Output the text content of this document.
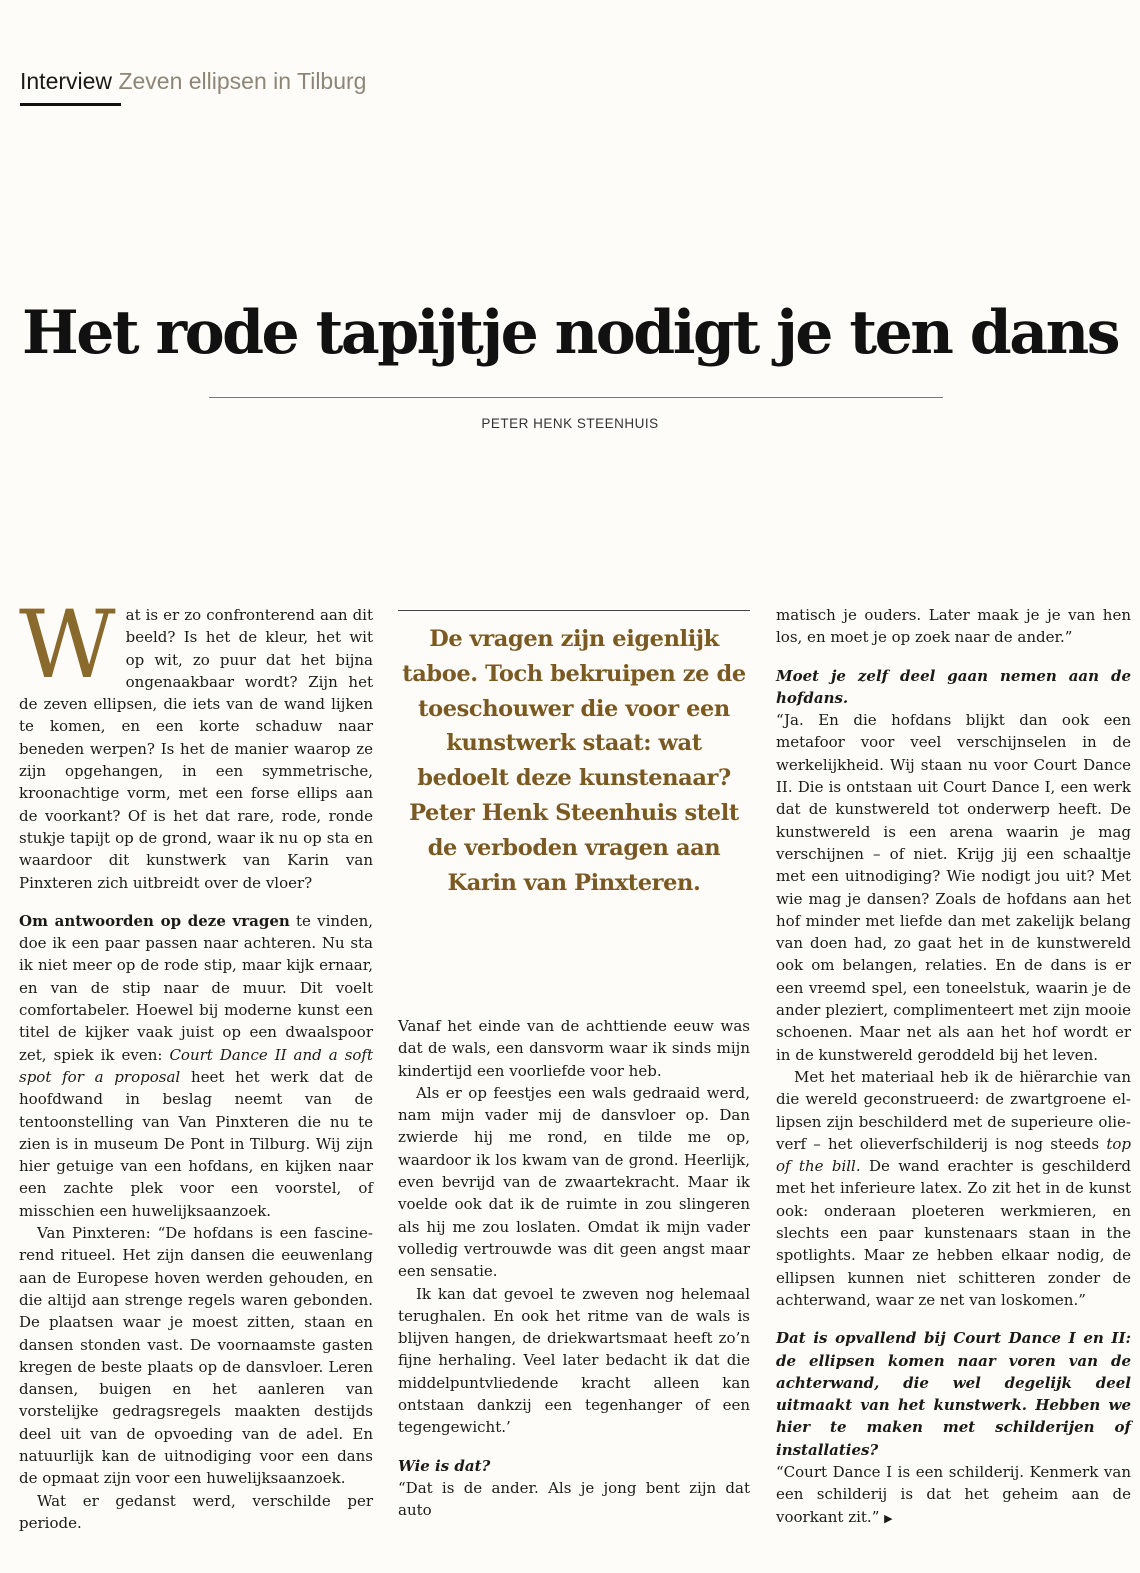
Interview Zeven ellipsen in Tilburg
Het rode tapijtje nodigt je ten dans
PETER HENK STEENHUIS
W at is er zo confronterend aan dit beeld? Is het de kleur, het wit op wit, zo puur dat het bijna ongenaakbaar wordt? Zijn het de zeven ellipsen, die iets van de wand lijken te komen, en een korte schaduw naar beneden werpen? Is het de manier waarop ze zijn opgehangen, in een symmetrische, kroonachtige vorm, met een forse ellips aan de voorkant? Of is het dat rare, rode, ronde stukje tapijt op de grond, waar ik nu op sta en waardoor dit kunstwerk van Karin van Pinxteren zich uitbreidt over de vloer?

Om antwoorden op deze vragen te vinden, doe ik een paar passen naar achteren. Nu sta ik niet meer op de rode stip, maar kijk ernaar, en van de stip naar de muur. Dit voelt comfortabeler. Hoewel bij moderne kunst een titel de kijker vaak juist op een dwaalspoor zet, spiek ik even: Court Dance II and a soft spot for a proposal heet het werk dat de hoofdwand in beslag neemt van de tentoonstelling van Van Pinxteren die nu te zien is in museum De Pont in Tilburg. Wij zijn hier getuige van een hofdans, en kijken naar een zachte plek voor een voorstel, of misschien een huwelijksaanzoek.

Van Pinxteren: “De hofdans is een fascinerend ritueel. Het zijn dansen die eeuwenlang aan de Europese hoven werden gehouden, en die altijd aan strenge regels waren gebonden. De plaatsen waar je moest zitten, staan en dansen stonden vast. De voornaamste gasten kregen de beste plaats op de dansvloer. Leren dansen, buigen en het aanleren van vorstelijke gedragsregels maakten destijds deel uit van de opvoeding van de adel. En natuurlijk kan de uitnodiging voor een dans de opmaat zijn voor een huwelijksaanzoek.

Wat er gedanst werd, verschilde per periode.

De vragen zijn eigenlijk taboe. Toch bekruipen ze de toeschouwer die voor een kunstwerk staat: wat bedoelt deze kunstenaar? Peter Henk Steenhuis stelt de verboden vragen aan Karin van Pinxteren.

Vanaf het einde van de achttiende eeuw was dat de wals, een dansvorm waar ik sinds mijn kindertijd een voorliefde voor heb.

Als er op feestjes een wals gedraaid werd, nam mijn vader mij de dansvloer op. Dan zwierde hij me rond, en tilde me op, waardoor ik los kwam van de grond. Heerlijk, even bevrijd van de zwaartekracht. Maar ik voelde ook dat ik de ruimte in zou slingeren als hij me zou loslaten. Omdat ik mijn vader volledig vertrouwde was dit geen angst maar een sensatie.

Ik kan dat gevoel te zweven nog helemaal terughalen. En ook het ritme van de wals is blijven hangen, de driekwartsmaat heeft zo’n fijne herhaling. Veel later bedacht ik dat die middelpuntvliedende kracht alleen kan ontstaan dankzij een tegenhanger of een tegengewicht.’

Wie is dat?

“Dat is de ander. Als je jong bent zijn dat auto

matisch je ouders. Later maak je je van hen los, en moet je op zoek naar de ander.”

Moet je zelf deel gaan nemen aan de hofdans.

“Ja. En die hofdans blijkt dan ook een metafoor voor veel verschijnselen in de werkelijkheid. Wij staan nu voor Court Dance II. Die is ontstaan uit Court Dance I, een werk dat de kunstwereld tot onderwerp heeft. De kunstwereld is een arena waarin je mag verschijnen – of niet. Krijg jij een schaaltje met een uitnodiging? Wie nodigt jou uit? Met wie mag je dansen? Zoals de hofdans aan het hof minder met liefde dan met zakelijk belang van doen had, zo gaat het in de kunstwereld ook om belangen, relaties. En de dans is er een vreemd spel, een toneelstuk, waarin je de ander pleziert, complimenteert met zijn mooie schoenen. Maar net als aan het hof wordt er in de kunstwereld geroddeld bij het leven.

Met het materiaal heb ik de hiërarchie van die wereld geconstrueerd: de zwartgroene ellipsen zijn beschilderd met de superieure olieverf – het olieverfschilderij is nog steeds top of the bill. De wand erachter is geschilderd met het inferieure latex. Zo zit het in de kunst ook: onderaan ploeteren werkmieren, en slechts een paar kunstenaars staan in the spotlights. Maar ze hebben elkaar nodig, de ellipsen kunnen niet schitteren zonder de achterwand, waar ze net van loskomen.”

Dat is opvallend bij Court Dance I en II: de ellipsen komen naar voren van de achterwand, die wel degelijk deel uitmaakt van het kunstwerk. Hebben we hier te maken met schilderijen of installaties?

“Court Dance I is een schilderij. Kenmerk van een schilderij is dat het geheim aan de voorkant zit.” ▶
